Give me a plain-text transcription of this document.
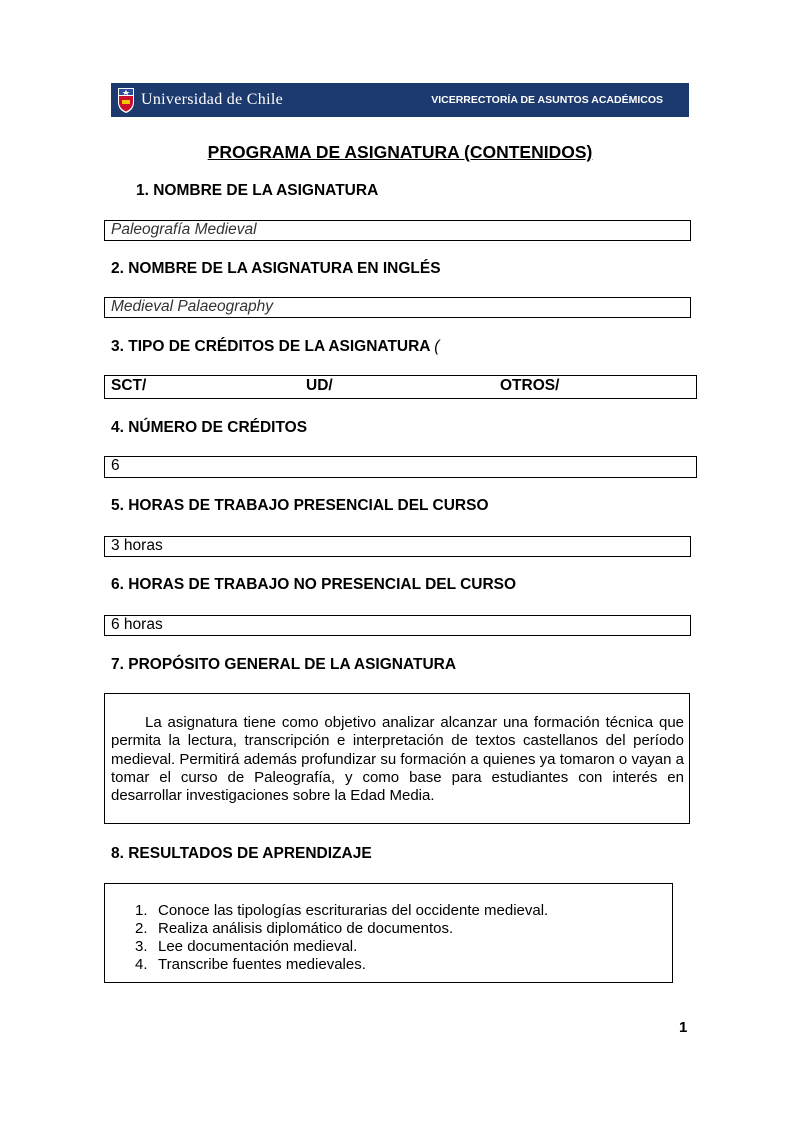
Universidad de Chile	VICERRECTORÍA DE ASUNTOS ACADÉMICOS
PROGRAMA DE ASIGNATURA (CONTENIDOS)
1. NOMBRE DE LA ASIGNATURA
Paleografía Medieval
2. NOMBRE DE LA ASIGNATURA EN INGLÉS
Medieval Palaeography
3. TIPO DE CRÉDITOS DE LA ASIGNATURA (
SCT/	UD/	OTROS/
4. NÚMERO DE CRÉDITOS
6
5. HORAS DE TRABAJO PRESENCIAL DEL CURSO
3 horas
6. HORAS DE TRABAJO NO PRESENCIAL DEL CURSO
6 horas
7. PROPÓSITO GENERAL DE LA ASIGNATURA

La asignatura tiene como objetivo analizar alcanzar una formación técnica que permita la lectura, transcripción e interpretación de textos castellanos del período medieval. Permitirá además profundizar su formación a quienes ya tomaron o vayan a tomar el curso de Paleografía, y como base para estudiantes con interés en desarrollar investigaciones sobre la Edad Media.

8. RESULTADOS DE APRENDIZAJE
1. Conoce las tipologías escriturarias del occidente medieval.
2. Realiza análisis diplomático de documentos.
3. Lee documentación medieval.
4. Transcribe fuentes medievales.
1
